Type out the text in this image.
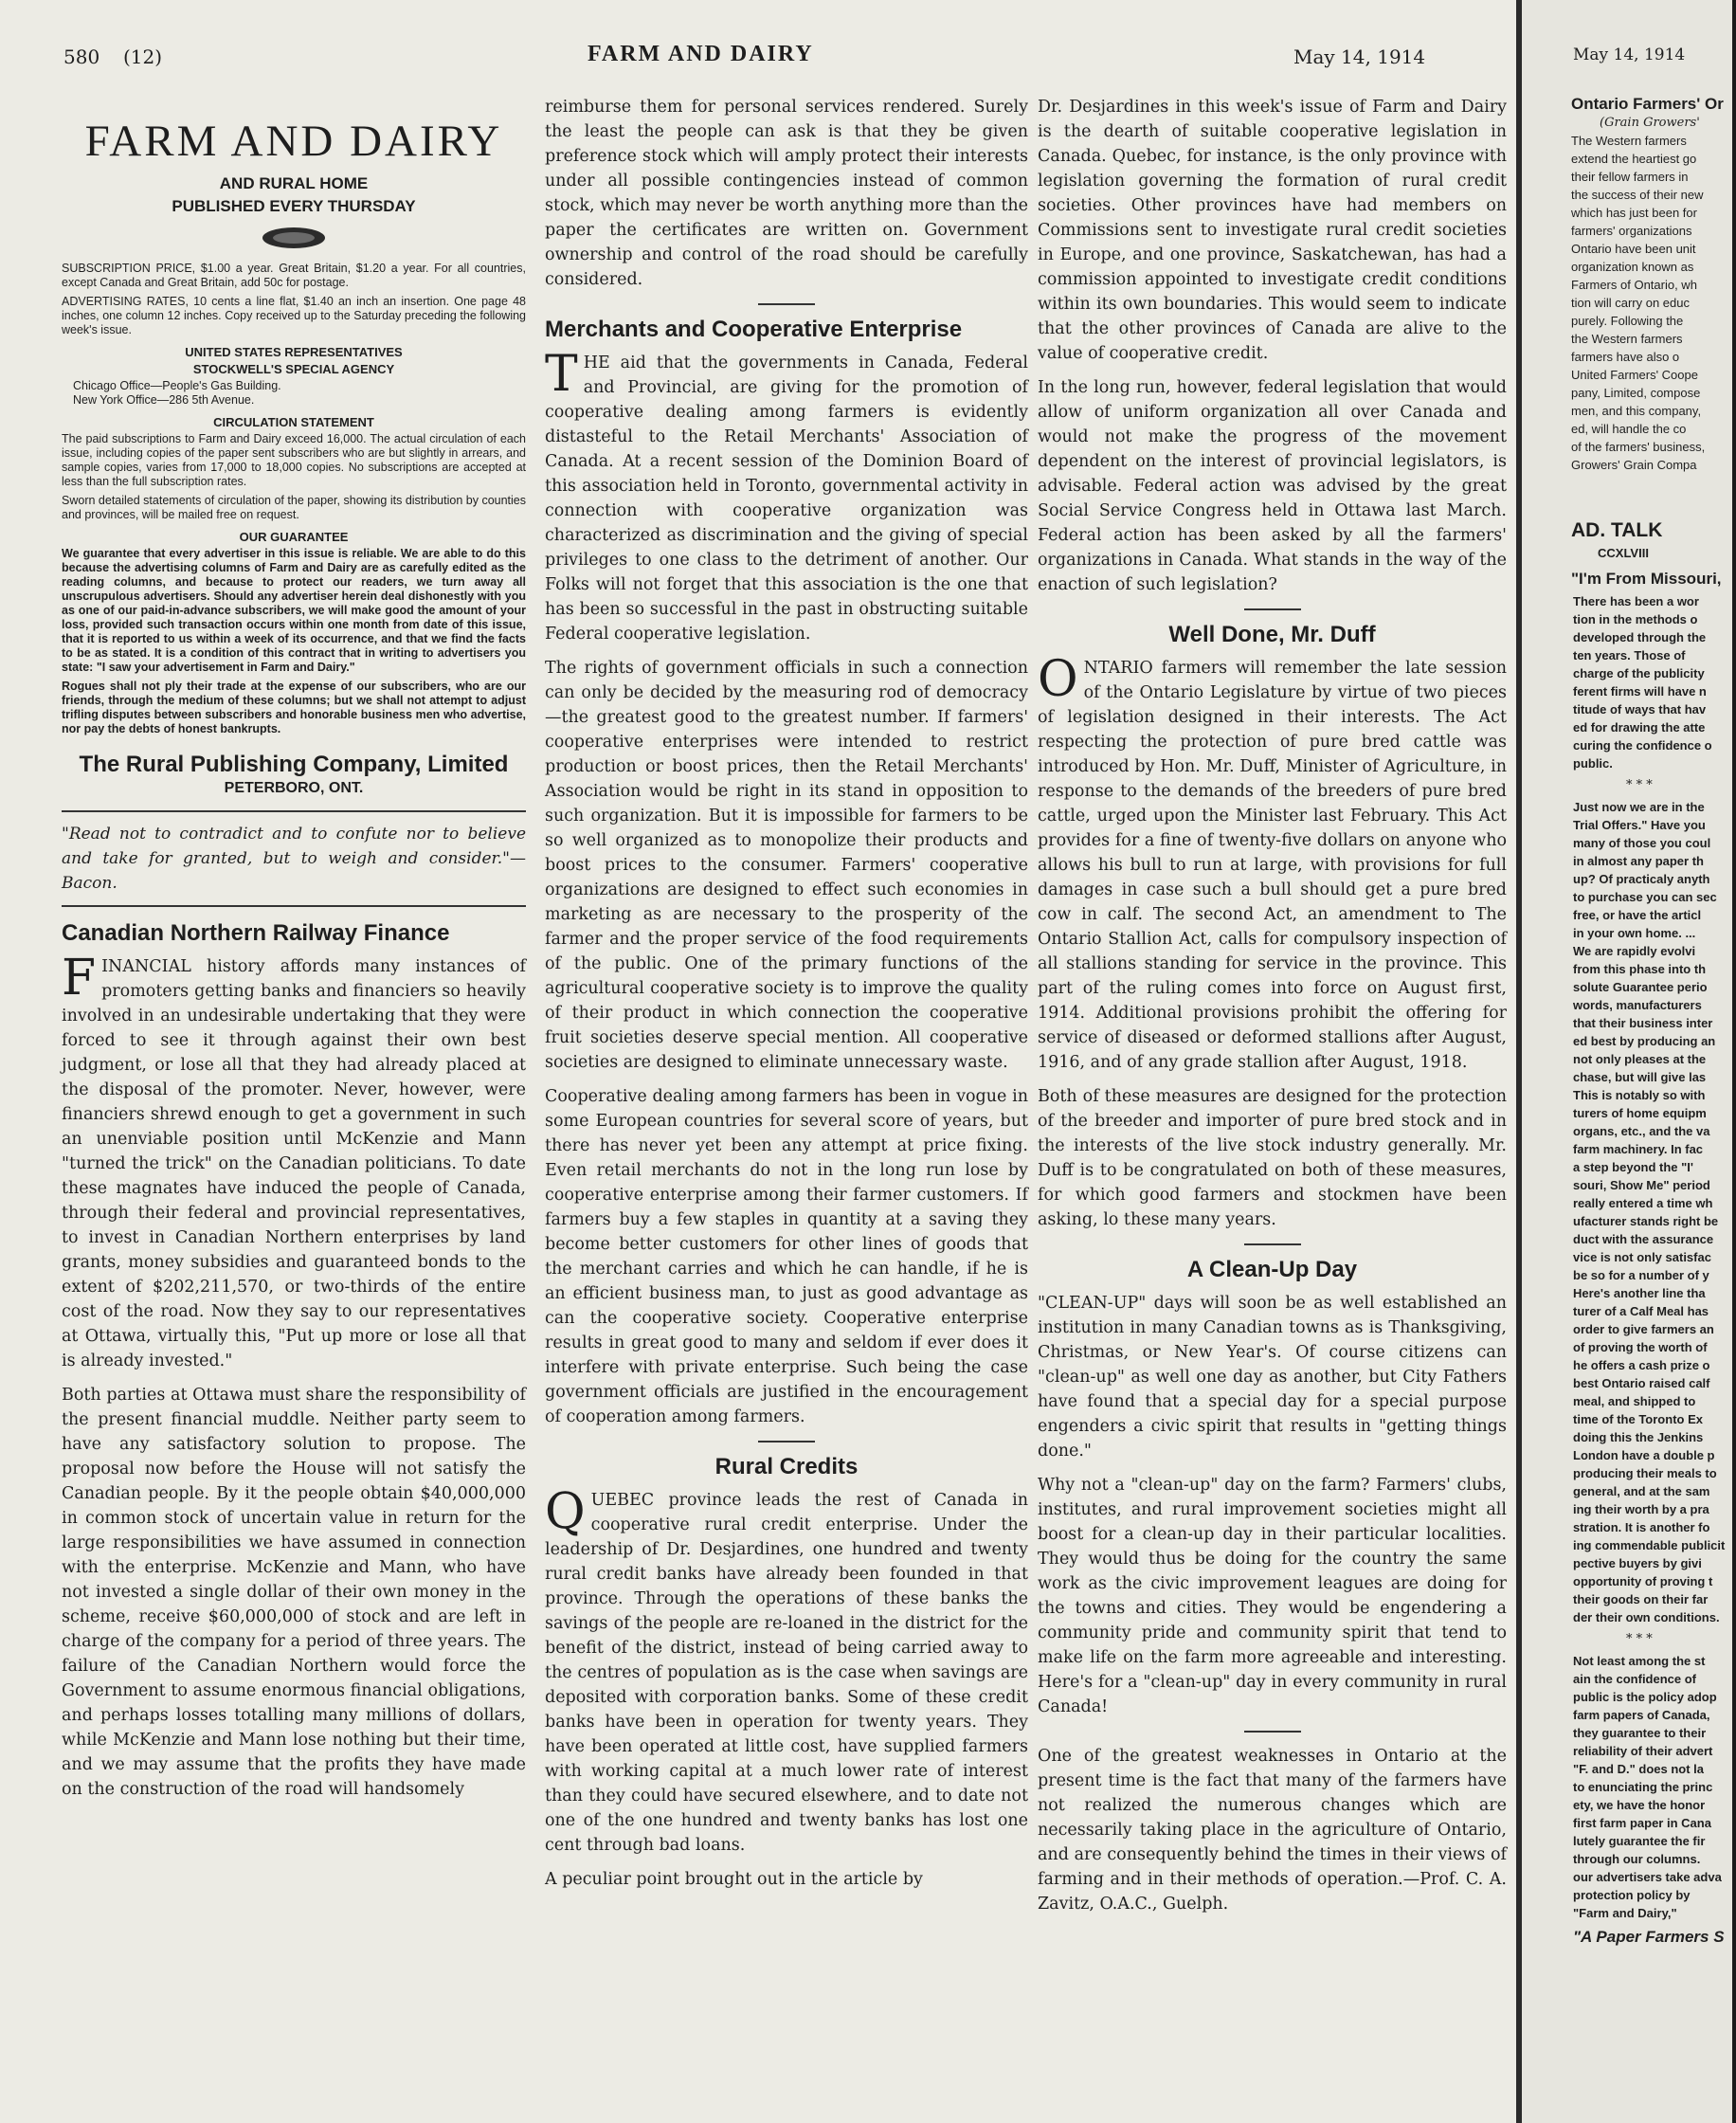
580 (12)	FARM AND DAIRY	May 14, 1914
FARM AND DAIRY

AND RURAL HOME

PUBLISHED EVERY THURSDAY

SUBSCRIPTION PRICE, $1.00 a year. Great Britain, $1.20 a year. For all countries, except Canada and Great Britain, add 50c for postage.

ADVERTISING RATES, 10 cents a line flat, $1.40 an inch an insertion. One page 48 inches, one column 12 inches. Copy received up to the Saturday preceding the following week's issue.

UNITED STATES REPRESENTATIVES
STOCKWELL'S SPECIAL AGENCY

Chicago Office—People's Gas Building.

New York Office—286 5th Avenue.

CIRCULATION STATEMENT

The paid subscriptions to Farm and Dairy exceed 16,000. The actual circulation of each issue, including copies of the paper sent subscribers who are but slightly in arrears, and sample copies, varies from 17,000 to 18,000 copies. No subscriptions are accepted at less than the full subscription rates.

Sworn detailed statements of circulation of the paper, showing its distribution by counties and provinces, will be mailed free on request.

OUR GUARANTEE

We guarantee that every advertiser in this issue is reliable. We are able to do this because the advertising columns of Farm and Dairy are as carefully edited as the reading columns, and because to protect our readers, we turn away all unscrupulous advertisers. Should any advertiser herein deal dishonestly with you as one of our paid-in-advance subscribers, we will make good the amount of your loss, provided such transaction occurs within one month from date of this issue, that it is reported to us within a week of its occurrence, and that we find the facts to be as stated. It is a condition of this contract that in writing to advertisers you state: "I saw your advertisement in Farm and Dairy."

Rogues shall not ply their trade at the expense of our subscribers, who are our friends, through the medium of these columns; but we shall not attempt to adjust trifling disputes between subscribers and honorable business men who advertise, nor pay the debts of honest bankrupts.

The Rural Publishing Company, Limited
PETERBORO, ONT.

"Read not to contradict and to confute nor to believe and take for granted, but to weigh and consider."—Bacon.

Canadian Northern Railway Finance

FINANCIAL history affords many instances of promoters getting banks and financiers so heavily involved in an undesirable undertaking that they were forced to see it through against their own best judgment, or lose all that they had already placed at the disposal of the promoter. Never, however, were financiers shrewd enough to get a government in such an unenviable position until McKenzie and Mann "turned the trick" on the Canadian politicians. To date these magnates have induced the people of Canada, through their federal and provincial representatives, to invest in Canadian Northern enterprises by land grants, money subsidies and guaranteed bonds to the extent of $202,211,570, or two-thirds of the entire cost of the road. Now they say to our representatives at Ottawa, virtually this, "Put up more or lose all that is already invested."

Both parties at Ottawa must share the responsibility of the present financial muddle. Neither party seem to have any satisfactory solution to propose. The proposal now before the House will not satisfy the Canadian people. By it the people obtain $40,000,000 in common stock of uncertain value in return for the large responsibilities we have assumed in connection with the enterprise. McKenzie and Mann, who have not invested a single dollar of their own money in the scheme, receive $60,000,000 of stock and are left in charge of the company for a period of three years. The failure of the Canadian Northern would force the Government to assume enormous financial obligations, and perhaps losses totalling many millions of dollars, while McKenzie and Mann lose nothing but their time, and we may assume that the profits they have made on the construction of the road will handsomely

reimburse them for personal services rendered. Surely the least the people can ask is that they be given preference stock which will amply protect their interests under all possible contingencies instead of common stock, which may never be worth anything more than the paper the certificates are written on. Government ownership and control of the road should be carefully considered.

Merchants and Cooperative Enterprise

THE aid that the governments in Canada, Federal and Provincial, are giving for the promotion of cooperative dealing among farmers is evidently distasteful to the Retail Merchants' Association of Canada. At a recent session of the Dominion Board of this association held in Toronto, governmental activity in connection with cooperative organization was characterized as discrimination and the giving of special privileges to one class to the detriment of another. Our Folks will not forget that this association is the one that has been so successful in the past in obstructing suitable Federal cooperative legislation.

The rights of government officials in such a connection can only be decided by the measuring rod of democracy—the greatest good to the greatest number. If farmers' cooperative enterprises were intended to restrict production or boost prices, then the Retail Merchants' Association would be right in its stand in opposition to such organization. But it is impossible for farmers to be so well organized as to monopolize their products and boost prices to the consumer. Farmers' cooperative organizations are designed to effect such economies in marketing as are necessary to the prosperity of the farmer and the proper service of the food requirements of the public. One of the primary functions of the agricultural cooperative society is to improve the quality of their product in which connection the cooperative fruit societies deserve special mention. All cooperative societies are designed to eliminate unnecessary waste.

Cooperative dealing among farmers has been in vogue in some European countries for several score of years, but there has never yet been any attempt at price fixing. Even retail merchants do not in the long run lose by cooperative enterprise among their farmer customers. If farmers buy a few staples in quantity at a saving they become better customers for other lines of goods that the merchant carries and which he can handle, if he is an efficient business man, to just as good advantage as can the cooperative society. Cooperative enterprise results in great good to many and seldom if ever does it interfere with private enterprise. Such being the case government officials are justified in the encouragement of cooperation among farmers.

Rural Credits

QUEBEC province leads the rest of Canada in cooperative rural credit enterprise. Under the leadership of Dr. Desjardines, one hundred and twenty rural credit banks have already been founded in that province. Through the operations of these banks the savings of the people are re-loaned in the district for the benefit of the district, instead of being carried away to the centres of population as is the case when savings are deposited with corporation banks. Some of these credit banks have been in operation for twenty years. They have been operated at little cost, have supplied farmers with working capital at a much lower rate of interest than they could have secured elsewhere, and to date not one of the one hundred and twenty banks has lost one cent through bad loans.

A peculiar point brought out in the article by

Dr. Desjardines in this week's issue of Farm and Dairy is the dearth of suitable cooperative legislation in Canada. Quebec, for instance, is the only province with legislation governing the formation of rural credit societies. Other provinces have had members on Commissions sent to investigate rural credit societies in Europe, and one province, Saskatchewan, has had a commission appointed to investigate credit conditions within its own boundaries. This would seem to indicate that the other provinces of Canada are alive to the value of cooperative credit.

In the long run, however, federal legislation that would allow of uniform organization all over Canada and would not make the progress of the movement dependent on the interest of provincial legislators, is advisable. Federal action was advised by the great Social Service Congress held in Ottawa last March. Federal action has been asked by all the farmers' organizations in Canada. What stands in the way of the enaction of such legislation?

Well Done, Mr. Duff

ONTARIO farmers will remember the late session of the Ontario Legislature by virtue of two pieces of legislation designed in their interests. The Act respecting the protection of pure bred cattle was introduced by Hon. Mr. Duff, Minister of Agriculture, in response to the demands of the breeders of pure bred cattle, urged upon the Minister last February. This Act provides for a fine of twenty-five dollars on anyone who allows his bull to run at large, with provisions for full damages in case such a bull should get a pure bred cow in calf. The second Act, an amendment to The Ontario Stallion Act, calls for compulsory inspection of all stallions standing for service in the province. This part of the ruling comes into force on August first, 1914. Additional provisions prohibit the offering for service of diseased or deformed stallions after August, 1916, and of any grade stallion after August, 1918.

Both of these measures are designed for the protection of the breeder and importer of pure bred stock and in the interests of the live stock industry generally. Mr. Duff is to be congratulated on both of these measures, for which good farmers and stockmen have been asking, lo these many years.

A Clean-Up Day

"CLEAN-UP" days will soon be as well established an institution in many Canadian towns as is Thanksgiving, Christmas, or New Year's. Of course citizens can "clean-up" as well one day as another, but City Fathers have found that a special day for a special purpose engenders a civic spirit that results in "getting things done."

Why not a "clean-up" day on the farm? Farmers' clubs, institutes, and rural improvement societies might all boost for a clean-up day in their particular localities. They would thus be doing for the country the same work as the civic improvement leagues are doing for the towns and cities. They would be engendering a community pride and community spirit that tend to make life on the farm more agreeable and interesting. Here's for a "clean-up" day in every community in rural Canada!

One of the greatest weaknesses in Ontario at the present time is the fact that many of the farmers have not realized the numerous changes which are necessarily taking place in the agriculture of Ontario, and are consequently behind the times in their views of farming and in their methods of operation.—Prof. C. A. Zavitz, O.A.C., Guelph.

May 14, 1914
Ontario Farmers' Or
(Grain Growers'
The Western farmers
extend the heartiest go
their fellow farmers in
the success of their new
which has just been for
farmers' organizations
Ontario have been unit
organization known as
Farmers of Ontario, wh
tion will carry on educ
purely. Following the
the Western farmers
farmers have also o
United Farmers' Coope
pany, Limited, compose
men, and this company,
ed, will handle the co
of the farmers' business,
Growers' Grain Compa
AD. TALK
CCXLVIII
"I'm From Missouri,
There has been a wor
tion in the methods o
developed through the
ten years. Those of
charge of the publicity
ferent firms will have n
titude of ways that hav
ed for drawing the atte
curing the confidence o
public.
* * *
Just now we are in the
Trial Offers." Have you
many of those you coul
in almost any paper th
up? Of practicaly anyth
to purchase you can sec
free, or have the articl
in your own home. ...
We are rapidly evolvi
from this phase into th
solute Guarantee perio
words, manufacturers
that their business inter
ed best by producing an
not only pleases at the
chase, but will give las
This is notably so with
turers of home equipm
organs, etc., and the va
farm machinery. In fac
a step beyond the "I'
souri, Show Me" period
really entered a time wh
ufacturer stands right be
duct with the assurance
vice is not only satisfac
be so for a number of y
Here's another line tha
turer of a Calf Meal has
order to give farmers an
of proving the worth of
he offers a cash prize o
best Ontario raised calf
meal, and shipped to
time of the Toronto Ex
doing this the Jenkins
London have a double p
producing their meals to
general, and at the sam
ing their worth by a pra
stration. It is another fo
ing commendable publicit
pective buyers by givi
opportunity of proving t
their goods on their far
der their own conditions.
* * *
Not least among the st
ain the confidence of
public is the policy adop
farm papers of Canada,
they guarantee to their
reliability of their advert
"F. and D." does not la
to enunciating the princ
ety, we have the honor
first farm paper in Cana
lutely guarantee the fir
through our columns.
our advertisers take adva
protection policy by
"Farm and Dairy,"
"A Paper Farmers S
